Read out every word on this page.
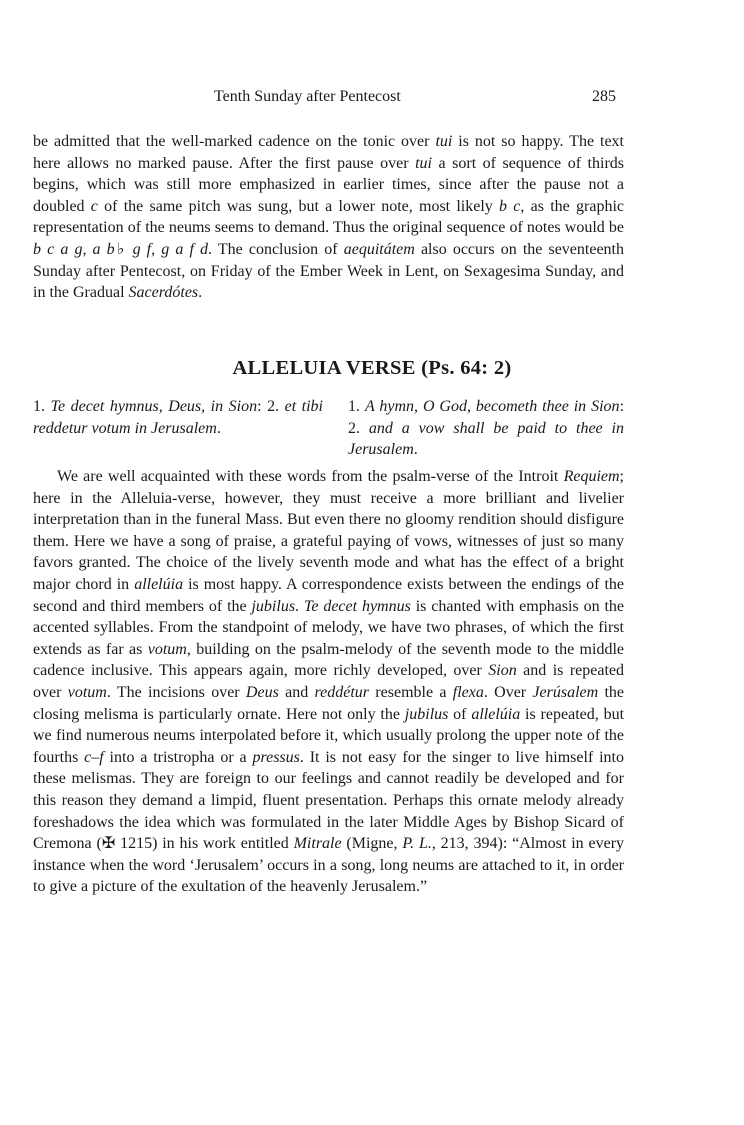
Tenth Sunday after Pentecost	285
be admitted that the well-marked cadence on the tonic over tui is not so happy. The text here allows no marked pause. After the first pause over tui a sort of sequence of thirds begins, which was still more emphasized in earlier times, since after the pause not a doubled c of the same pitch was sung, but a lower note, most likely b c, as the graphic representation of the neums seems to demand. Thus the original sequence of notes would be b c a g, a b♭ g f, g a f d. The conclusion of aequitátem also occurs on the seventeenth Sunday after Pentecost, on Friday of the Ember Week in Lent, on Sexagesima Sunday, and in the Gradual Sacerdótes.
ALLELUIA VERSE (Ps. 64: 2)
1. Te decet hymnus, Deus, in Sion: 2. et tibi reddetur votum in Jerusalem.
1. A hymn, O God, becometh thee in Sion: 2. and a vow shall be paid to thee in Jerusalem.
We are well acquainted with these words from the psalm-verse of the Introit Requiem; here in the Alleluia-verse, however, they must receive a more brilliant and livelier interpretation than in the funeral Mass. But even there no gloomy rendition should disfigure them. Here we have a song of praise, a grateful paying of vows, witnesses of just so many favors granted. The choice of the lively seventh mode and what has the effect of a bright major chord in allelúia is most happy. A correspondence exists between the endings of the second and third members of the jubilus. Te decet hymnus is chanted with emphasis on the accented syllables. From the standpoint of melody, we have two phrases, of which the first extends as far as votum, building on the psalm-melody of the seventh mode to the middle cadence inclusive. This appears again, more richly developed, over Sion and is repeated over votum. The incisions over Deus and reddétur resemble a flexa. Over Jerúsalem the closing melisma is particularly ornate. Here not only the jubilus of allelúia is repeated, but we find numerous neums interpolated before it, which usually prolong the upper note of the fourths c–f into a tristropha or a pressus. It is not easy for the singer to live himself into these melismas. They are foreign to our feelings and cannot readily be developed and for this reason they demand a limpid, fluent presentation. Perhaps this ornate melody already foreshadows the idea which was formulated in the later Middle Ages by Bishop Sicard of Cremona (✠ 1215) in his work entitled Mitrale (Migne, P. L., 213, 394): “Almost in every instance when the word ‘Jerusalem’ occurs in a song, long neums are attached to it, in order to give a picture of the exultation of the heavenly Jerusalem.”
